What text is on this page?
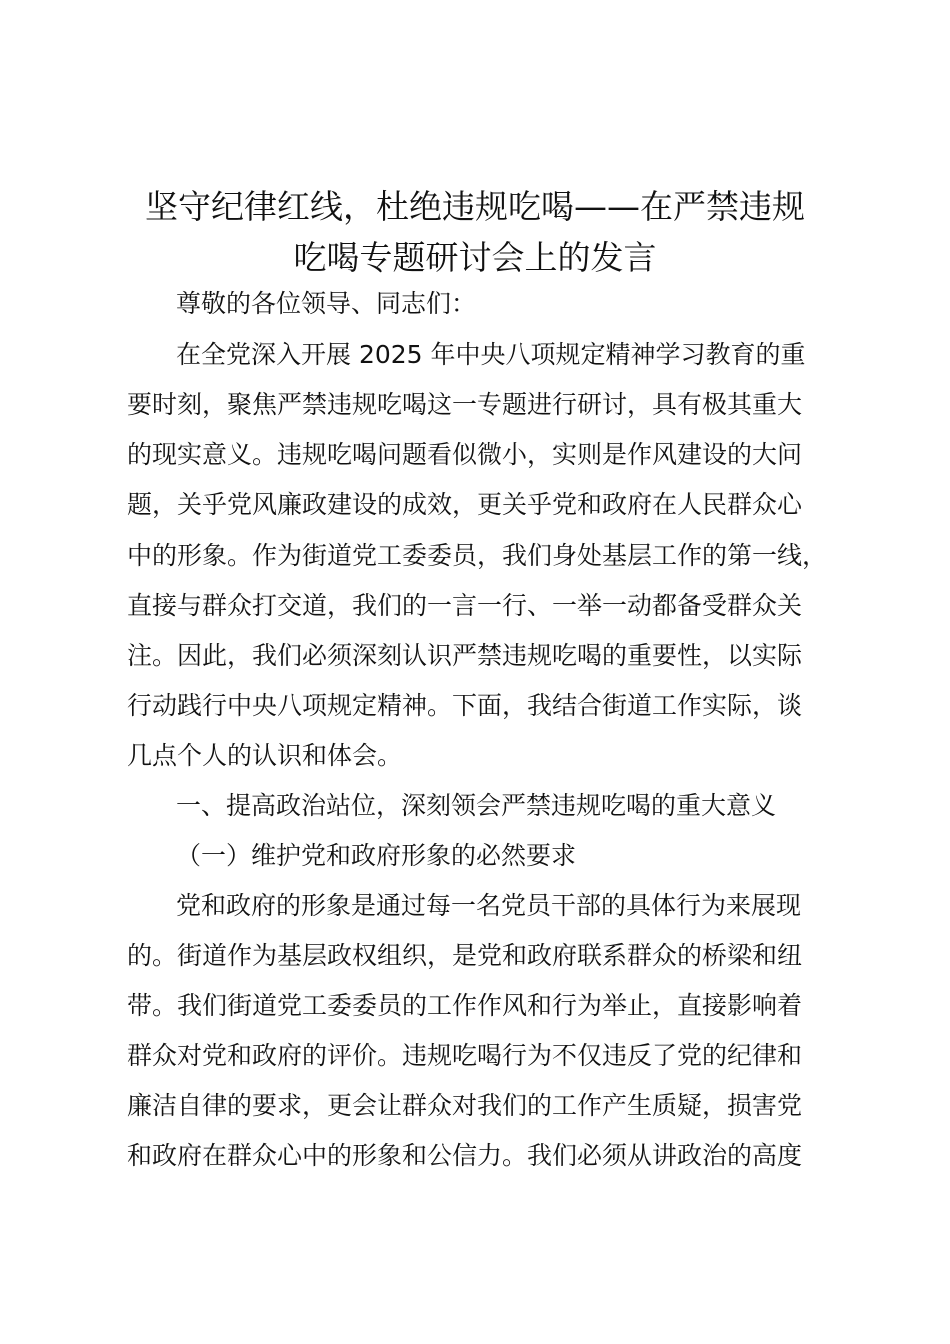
坚守纪律红线，杜绝违规吃喝——在严禁违规
吃喝专题研讨会上的发言
尊敬的各位领导、同志们：
在全党深入开展 2025 年中央八项规定精神学习教育的重
要时刻，聚焦严禁违规吃喝这一专题进行研讨，具有极其重大
的现实意义。违规吃喝问题看似微小，实则是作风建设的大问
题，关乎党风廉政建设的成效，更关乎党和政府在人民群众心
中的形象。作为街道党工委委员，我们身处基层工作的第一线，
直接与群众打交道，我们的一言一行、一举一动都备受群众关
注。因此，我们必须深刻认识严禁违规吃喝的重要性，以实际
行动践行中央八项规定精神。下面，我结合街道工作实际，谈
几点个人的认识和体会。
一、提高政治站位，深刻领会严禁违规吃喝的重大意义
（一）维护党和政府形象的必然要求
党和政府的形象是通过每一名党员干部的具体行为来展现
的。街道作为基层政权组织，是党和政府联系群众的桥梁和纽
带。我们街道党工委委员的工作作风和行为举止，直接影响着
群众对党和政府的评价。违规吃喝行为不仅违反了党的纪律和
廉洁自律的要求，更会让群众对我们的工作产生质疑，损害党
和政府在群众心中的形象和公信力。我们必须从讲政治的高度
